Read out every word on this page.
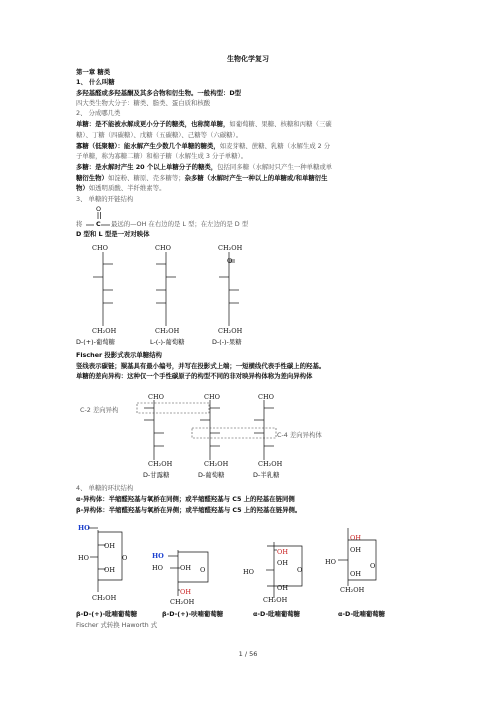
生物化学复习
第一章 糖类
1、 什么叫糖
多羟基醛或多羟基酮及其多合物和衍生物。一般构型：D型
四大类生物大分子：糖类、脂类、蛋白质和核酸
2、 分成哪几类
单糖：是不能被水解成更小分子的糖类，也称简单糖，如葡萄糖、果糖、核糖和丙糖（三碳
糖）、丁糖（四碳糖）、戊糖（五碳糖）、己糖等（六碳糖）。
寡糖（低聚糖）：能水解产生少数几个单糖的糖类，如麦芽糖、蔗糖、乳糖（水解生成 2 分
子单糖，称为寡糖二糖）和棉子糖（水解生成 3 分子单糖）。
多糖：是水解时产生 20 个以上单糖分子的糖类，包括同多糖（水解时只产生一种单糖或单
糖衍生物）如淀粉、糖原、壳多糖等；杂多糖（水解时产生一种以上的单糖或/和单糖衍生
物）如透明质酸、半纤维素等。
3、 单糖的开链结构
O
将 C 最远的—OH 在右边的是 L 型；在左边的是 D 型
D 型和 L 型是一对对映体
CHO	CHO	CH₂OH
O
CH₂OH	CH₂OH	CH₂OH
D-(+)-葡萄糖	L-(-)-葡萄糖	D-(-)-果糖
Fischer 投影式表示单糖结构
竖线表示碳链；羰基具有最小编号，并写在投影式上端；一短横线代表手性碳上的羟基。
单糖的差向异构：这种仅一个手性碳原子的构型不同的非对映异构体称为差向异构体
CHO	CHO	CHO
C-2 差向异构
C-4 差向异构体
CH₂OH	CH₂OH	CH₂OH
D-甘露糖	D-葡萄糖	D-半乳糖
4、 单糖的环状结构
α-异构体：半缩醛羟基与氧桥在同侧；或半缩醛羟基与 C5 上的羟基在链同侧
β-异构体：半缩醛羟基与氧桥在异侧；或半缩醛羟基与 C5 上的羟基在链异侧。
HO
OH
HO
OH
O
CH₂OH
HO
HO	OH O
OH
CH₂OH
OH
OH
HO
OH
O
CH₂OH
OH
OH
HO
OH
O
CH₂OH
β-D-(+)-吡喃葡萄糖	β-D-(+)-呋喃葡萄糖	α-D-吡喃葡萄糖	α-D-吡喃葡萄糖
Fischer 式转换 Haworth 式
1 / 56
